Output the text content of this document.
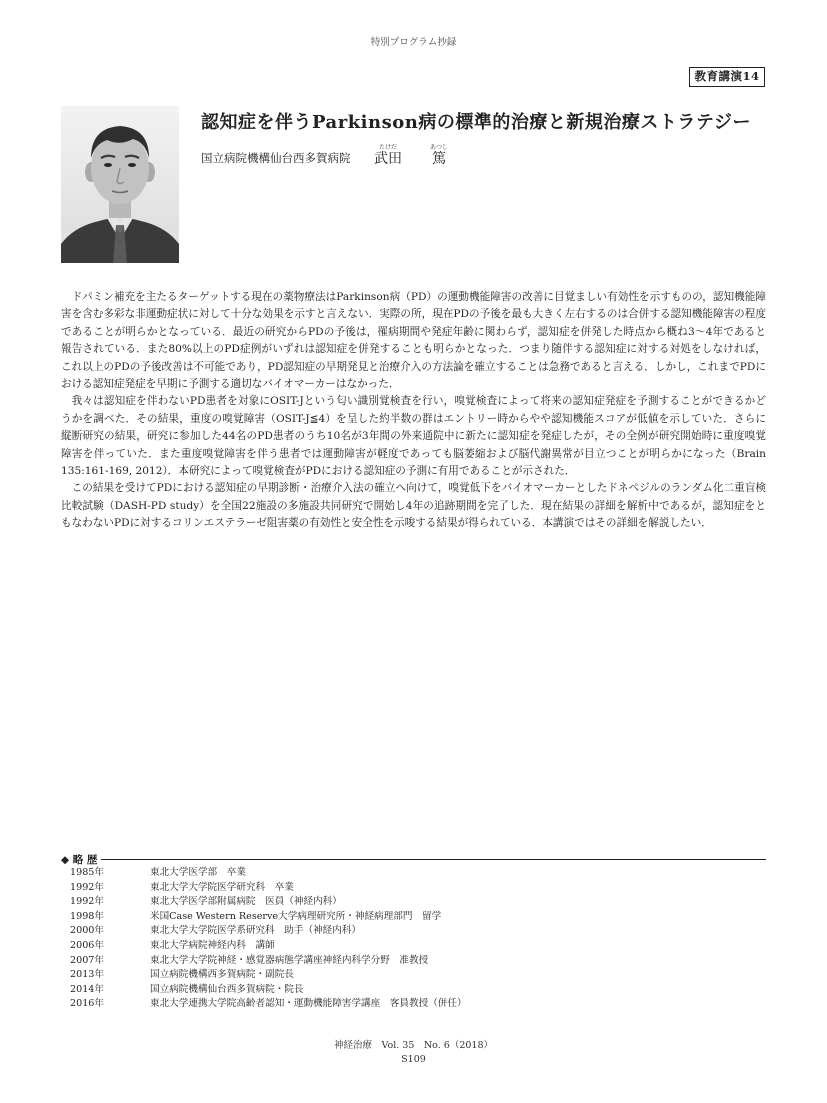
特別プログラム抄録
教育講演14
認知症を伴うParkinson病の標準的治療と新規治療ストラテジー
国立病院機構仙台西多賀病院
たけだ
武田
あつし
篤

ドパミン補充を主たるターゲットする現在の薬物療法はParkinson病（PD）の運動機能障害の改善に目覚ましい有効性を示すものの，認知機能障害を含む多彩な非運動症状に対して十分な効果を示すと言えない．実際の所，現在PDの予後を最も大きく左右するのは合併する認知機能障害の程度であることが明らかとなっている．最近の研究からPDの予後は，罹病期間や発症年齢に関わらず，認知症を併発した時点から概ね3～4年であると報告されている．また80%以上のPD症例がいずれは認知症を併発することも明らかとなった．つまり随伴する認知症に対する対処をしなければ，これ以上のPDの予後改善は不可能であり，PD認知症の早期発見と治療介入の方法論を確立することは急務であると言える．しかし，これまでPDにおける認知症発症を早期に予測する適切なバイオマーカーはなかった．

我々は認知症を伴わないPD患者を対象にOSIT-Jという匂い識別覚検査を行い，嗅覚検査によって将来の認知症発症を予測することができるかどうかを調べた．その結果，重度の嗅覚障害（OSIT-J≦4）を呈した約半数の群はエントリー時からやや認知機能スコアが低値を示していた．さらに縦断研究の結果，研究に参加した44名のPD患者のうち10名が3年間の外来通院中に新たに認知症を発症したが，その全例が研究開始時に重度嗅覚障害を伴っていた．また重度嗅覚障害を伴う患者では運動障害が軽度であっても脳萎縮および脳代謝異常が目立つことが明らかになった（Brain 135:161-169, 2012）．本研究によって嗅覚検査がPDにおける認知症の予測に有用であることが示された．

この結果を受けてPDにおける認知症の早期診断・治療介入法の確立へ向けて，嗅覚低下をバイオマーカーとしたドネペジルのランダム化二重盲検比較試験（DASH-PD study）を全国22施設の多施設共同研究で開始し4年の追跡期間を完了した．現在結果の詳細を解析中であるが，認知症をともなわないPDに対するコリンエステラーゼ阻害薬の有効性と安全性を示唆する結果が得られている．本講演ではその詳細を解説したい．

◆ 略 歴
1985年	東北大学医学部　卒業
1992年	東北大学大学院医学研究科　卒業
1992年	東北大学医学部附属病院　医員（神経内科）
1998年	米国Case Western Reserve大学病理研究所・神経病理部門　留学
2000年	東北大学大学院医学系研究科　助手（神経内科）
2006年	東北大学病院神経内科　講師
2007年	東北大学大学院神経・感覚器病態学講座神経内科学分野　准教授
2013年	国立病院機構西多賀病院・副院長
2014年	国立病院機構仙台西多賀病院・院長
2016年	東北大学連携大学院高齢者認知・運動機能障害学講座　客員教授（併任）
神経治療　Vol. 35　No. 6（2018）
S109
